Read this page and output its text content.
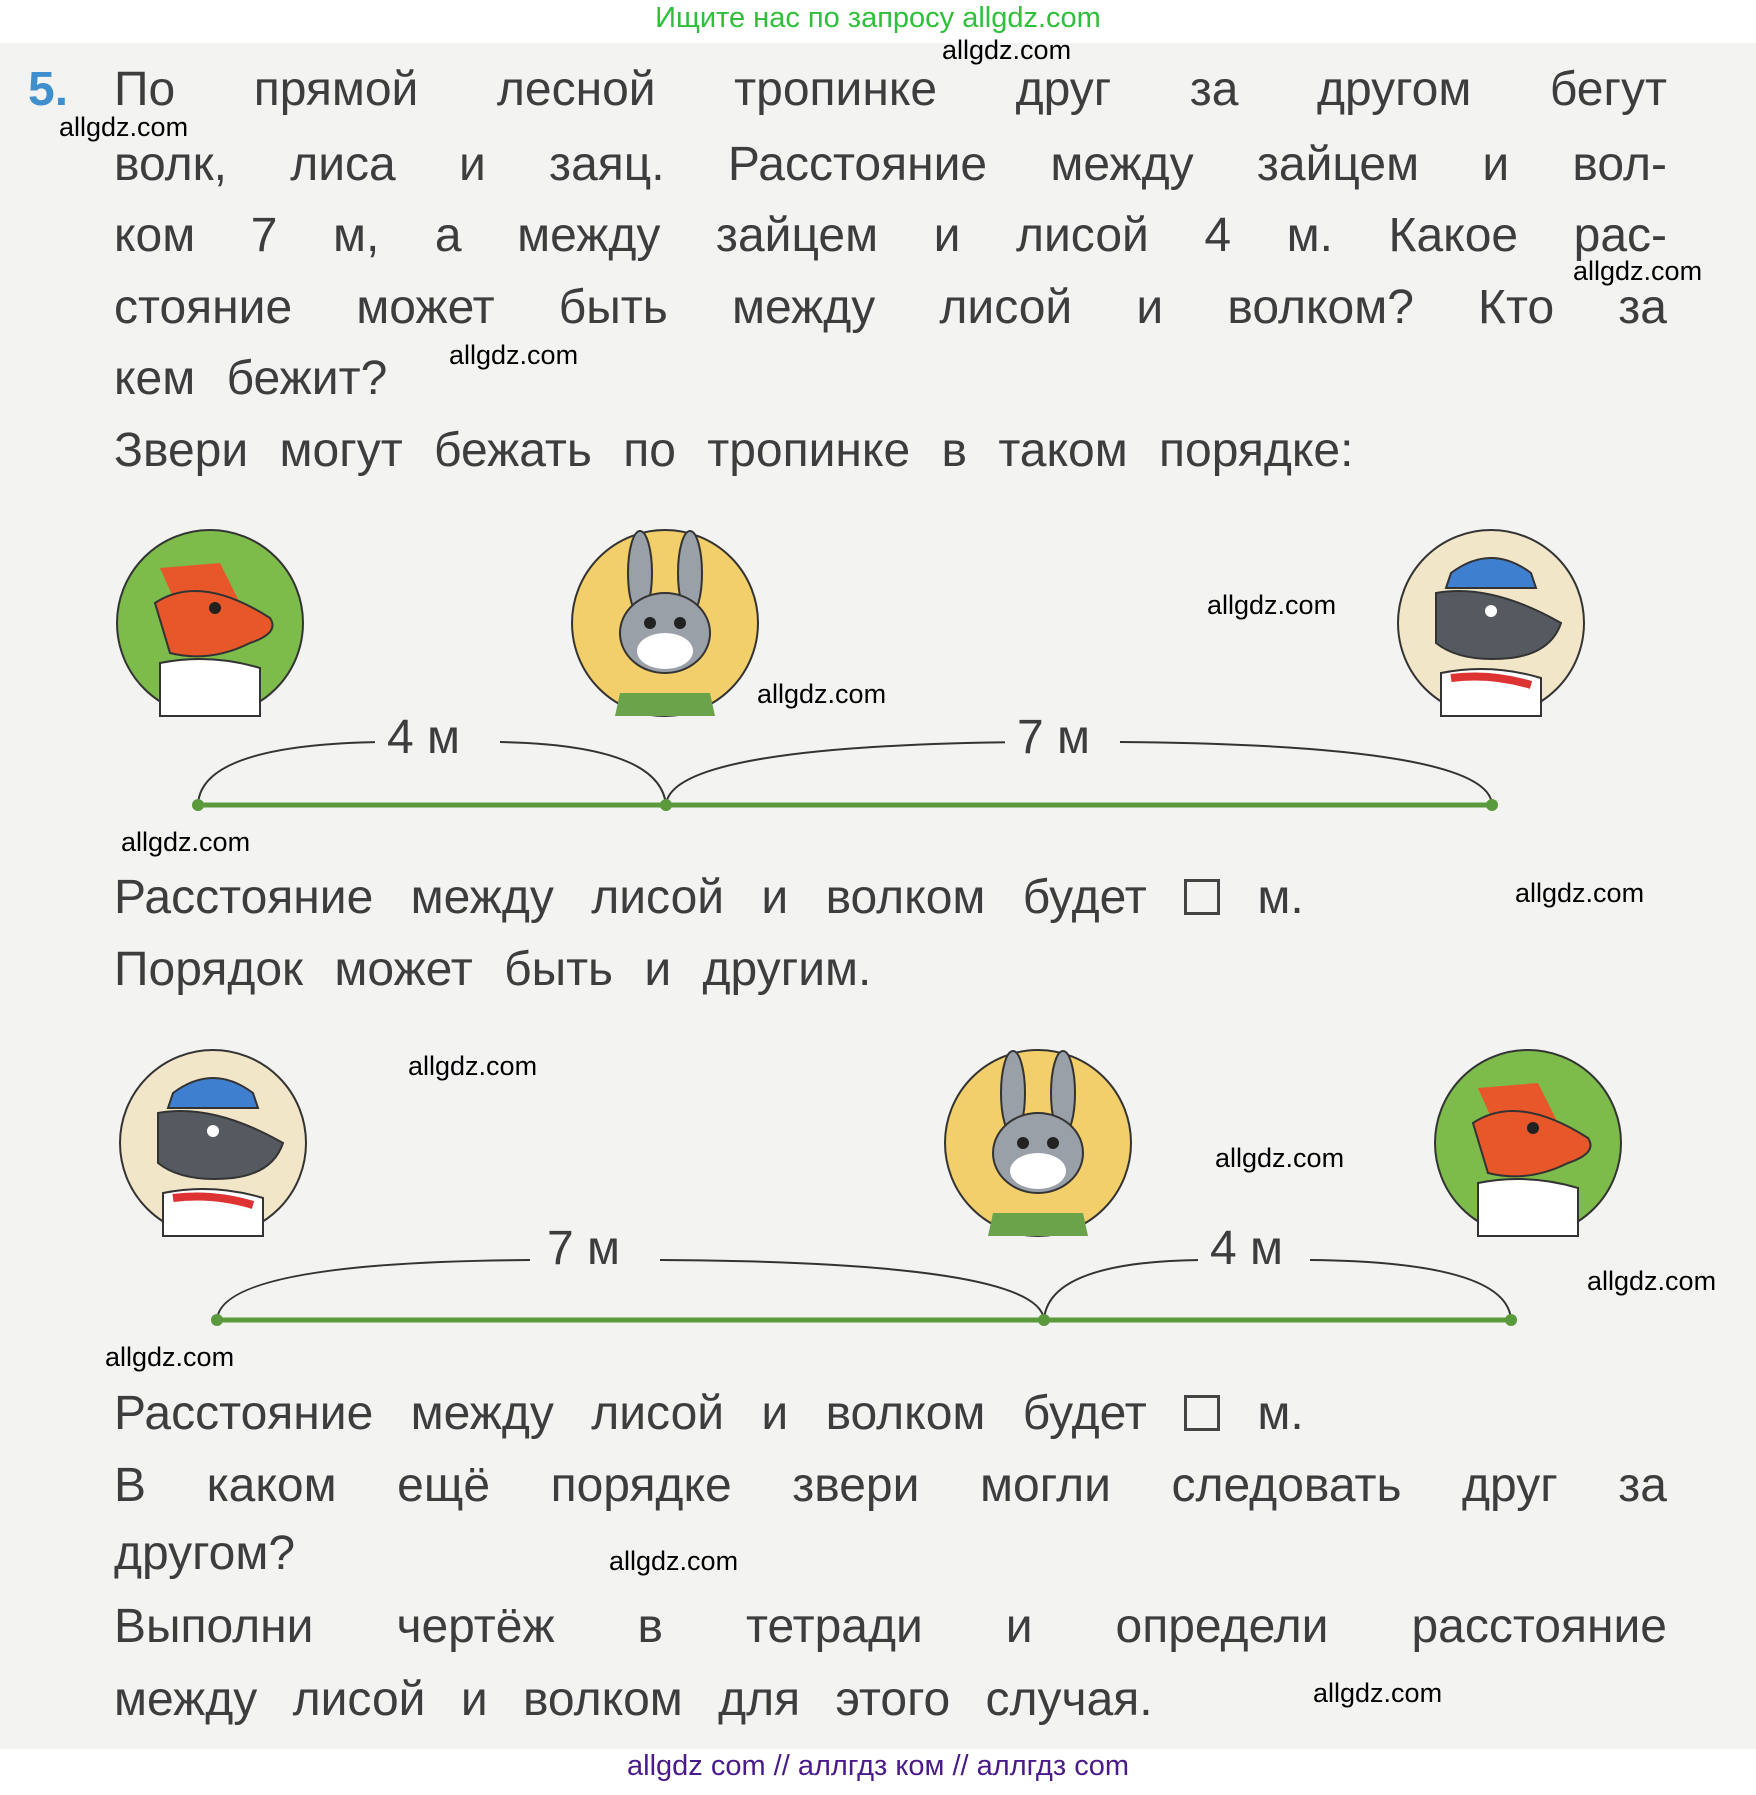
Ищите нас по запросу allgdz.com
5. По прямой лесной тропинке друг за другом бегут
волк, лиса и заяц. Расстояние между зайцем и вол-
ком 7 м, а между зайцем и лисой 4 м. Какое рас-
стояние может быть между лисой и волком? Кто за
кем бежит?
Звери могут бежать по тропинке в таком порядке:
4 м	7 м
7 м	4 м
Расстояние между лисой и волком будет м.
Порядок может быть и другим.
Расстояние между лисой и волком будет м.
В каком ещё порядке звери могли следовать друг за
другом?
Выполни чертёж в тетради и определи расстояние
между лисой и волком для этого случая.
allgdz.com
allgdz.com
allgdz.com
allgdz.com
allgdz.com
allgdz.com
allgdz.com
allgdz.com
allgdz.com
allgdz.com
allgdz.com
allgdz.com
allgdz.com
allgdz.com
allgdz com // аллгдз ком // аллгдз com
